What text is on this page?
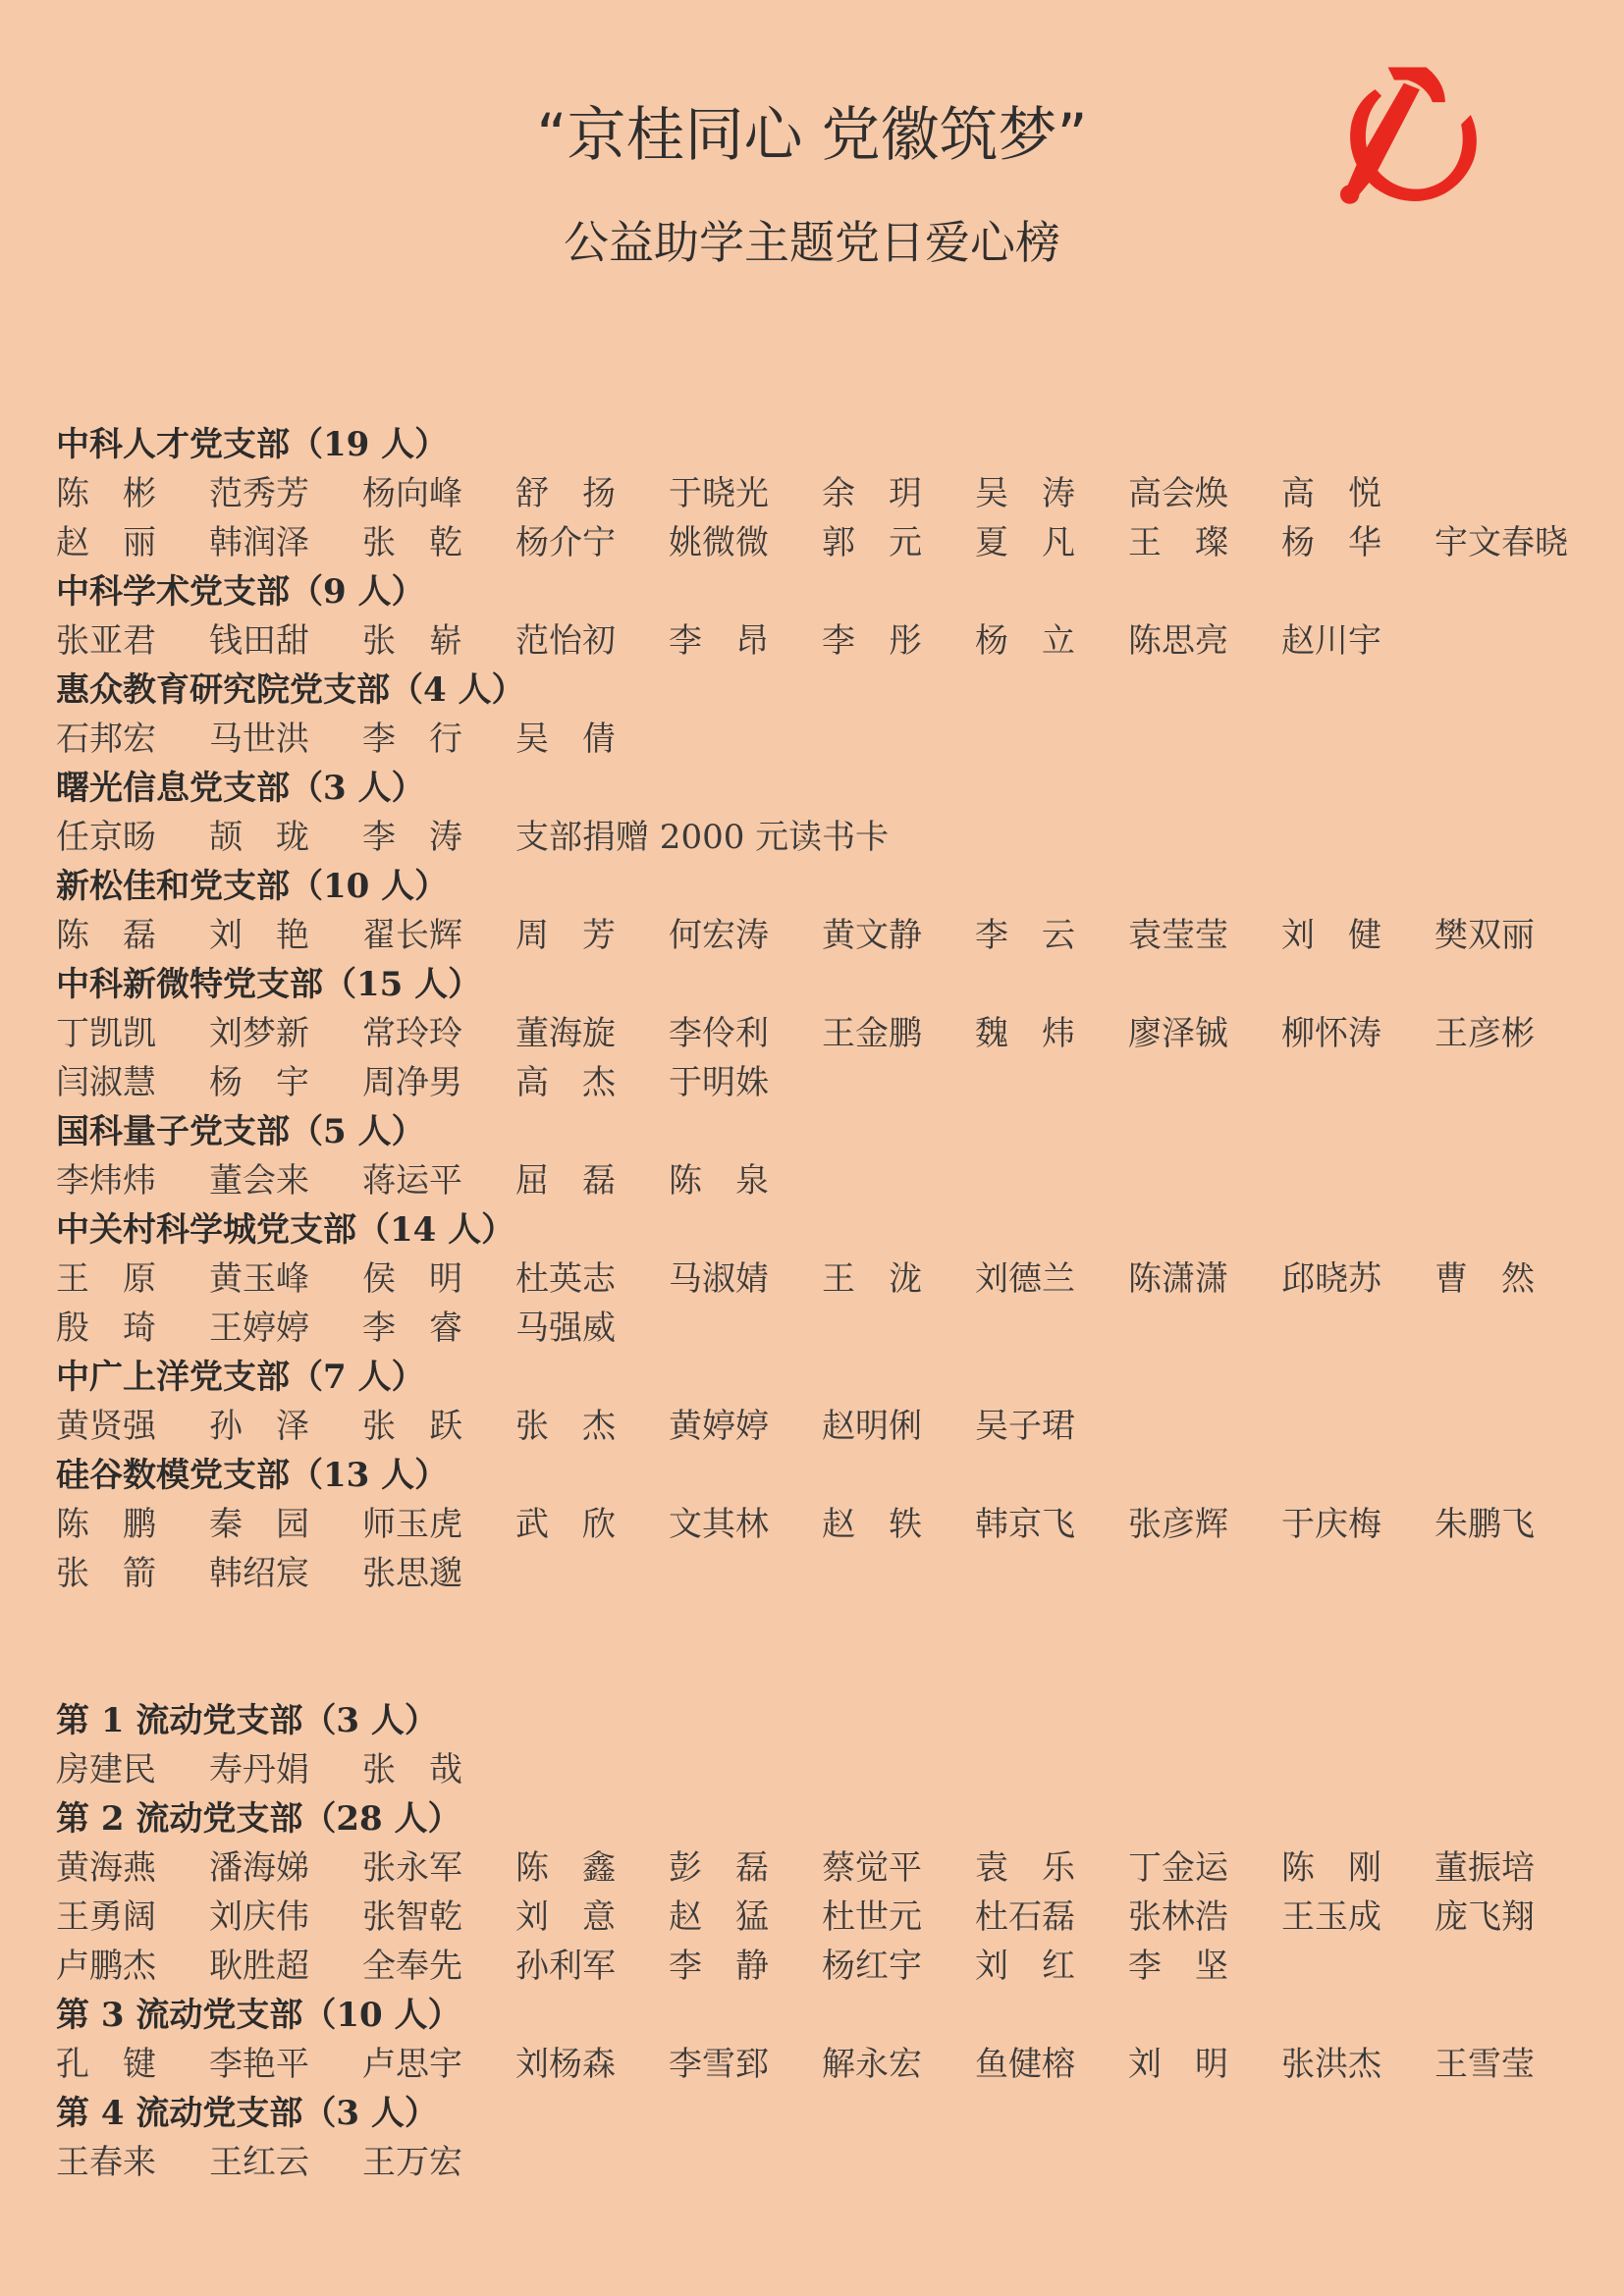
“京桂同心 党徽筑梦”
公益助学主题党日爱心榜
中科人才党支部（19 人）
陈彬 范秀芳	杨向峰	舒扬 于晓光	余玥 吴涛 高会焕	高悦
赵丽 韩润泽	张乾 杨介宁	姚微微	郭元 夏凡 王璨 杨华 宇文春晓
中科学术党支部（9 人）
张亚君	钱田甜	张崭 范怡初	李昂 李彤 杨立 陈思亮	赵川宇
惠众教育研究院党支部（4 人）
石邦宏	马世洪	李行 吴倩
曙光信息党支部（3 人）
任京旸	颉珑 李涛 支部捐赠 2000 元读书卡
新松佳和党支部（10 人）
陈磊 刘艳 翟长辉	周芳 何宏涛	黄文静	李云 袁莹莹	刘健 樊双丽
中科新微特党支部（15 人）
丁凯凯	刘梦新	常玲玲	董海旋	李伶利	王金鹏	魏炜 廖泽铖	柳怀涛	王彦彬
闫淑慧	杨宇 周净男	高杰 于明姝
国科量子党支部（5 人）
李炜炜	董会来	蒋运平	屈磊 陈泉
中关村科学城党支部（14 人）
王原 黄玉峰	侯明 杜英志	马淑婧	王泷 刘德兰	陈潇潇	邱晓苏	曹然
殷琦 王婷婷	李睿 马强威
中广上洋党支部（7 人）
黄贤强	孙泽 张跃 张杰 黄婷婷	赵明俐	吴子珺
硅谷数模党支部（13 人）
陈鹏 秦园 师玉虎	武欣 文其林	赵轶 韩京飞	张彦辉	于庆梅	朱鹏飞
张箭 韩绍宸	张思邈
第 1 流动党支部（3 人）
房建民	寿丹娟	张哉
第 2 流动党支部（28 人）
黄海燕	潘海娣	张永军	陈鑫 彭磊 蔡觉平	袁乐 丁金运	陈刚 董振培
王勇阔	刘庆伟	张智乾	刘意 赵猛 杜世元	杜石磊	张林浩	王玉成	庞飞翔
卢鹏杰	耿胜超	全奉先	孙利军	李静 杨红宇	刘红 李坚
第 3 流动党支部（10 人）
孔键 李艳平	卢思宇	刘杨森	李雪郅	解永宏	鱼健榕	刘明 张洪杰	王雪莹
第 4 流动党支部（3 人）
王春来	王红云	王万宏
